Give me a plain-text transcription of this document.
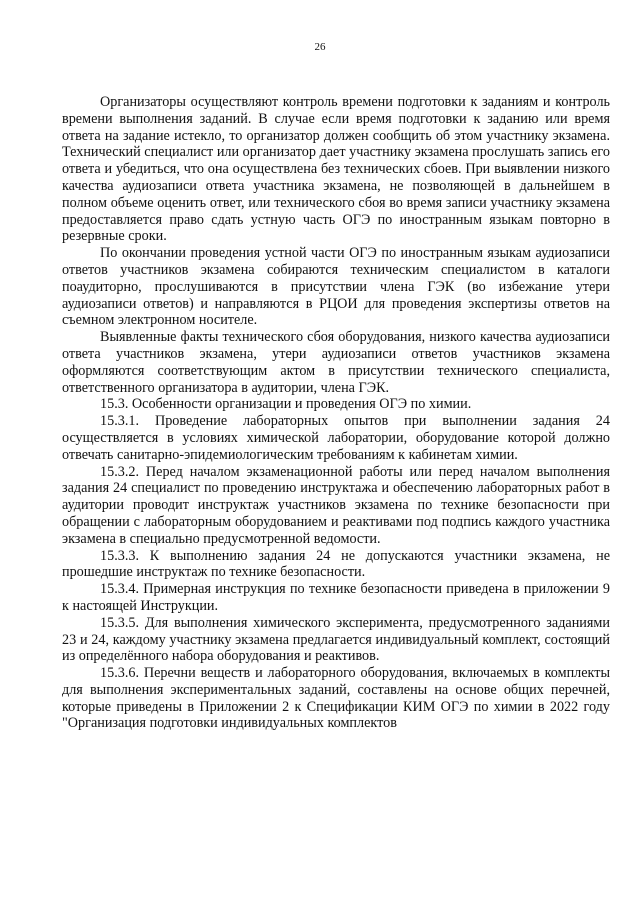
26

Организаторы осуществляют контроль времени подготовки к заданиям и контроль времени выполнения заданий. В случае если время подготовки к заданию или время ответа на задание истекло, то организатор должен сообщить об этом участнику экзамена. Технический специалист или организатор дает участнику экзамена прослушать запись его ответа и убедиться, что она осуществлена без технических сбоев. При выявлении низкого качества аудиозаписи ответа участника экзамена, не позволяющей в дальнейшем в полном объеме оценить ответ, или технического сбоя во время записи участнику экзамена предоставляется право сдать устную часть ОГЭ по иностранным языкам повторно в резервные сроки.

По окончании проведения устной части ОГЭ по иностранным языкам аудиозаписи ответов участников экзамена собираются техническим специалистом в каталоги поаудиторно, прослушиваются в присутствии члена ГЭК (во избежание утери аудиозаписи ответов) и направляются в РЦОИ для проведения экспертизы ответов на съемном электронном носителе.

Выявленные факты технического сбоя оборудования, низкого качества аудиозаписи ответа участников экзамена, утери аудиозаписи ответов участников экзамена оформляются соответствующим актом в присутствии технического специалиста, ответственного организатора в аудитории, члена ГЭК.

15.3. Особенности организации и проведения ОГЭ по химии.

15.3.1. Проведение лабораторных опытов при выполнении задания 24 осуществляется в условиях химической лаборатории, оборудование которой должно отвечать санитарно-эпидемиологическим требованиям к кабинетам химии.

15.3.2. Перед началом экзаменационной работы или перед началом выполнения задания 24 специалист по проведению инструктажа и обеспечению лабораторных работ в аудитории проводит инструктаж участников экзамена по технике безопасности при обращении с лабораторным оборудованием и реактивами под подпись каждого участника экзамена в специально предусмотренной ведомости.

15.3.3. К выполнению задания 24 не допускаются участники экзамена, не прошедшие инструктаж по технике безопасности.

15.3.4. Примерная инструкция по технике безопасности приведена в приложении 9 к настоящей Инструкции.

15.3.5. Для выполнения химического эксперимента, предусмотренного заданиями 23 и 24, каждому участнику экзамена предлагается индивидуальный комплект, состоящий из определённого набора оборудования и реактивов.

15.3.6. Перечни веществ и лабораторного оборудования, включаемых в комплекты для выполнения экспериментальных заданий, составлены на основе общих перечней, которые приведены в Приложении 2 к Спецификации КИМ ОГЭ по химии в 2022 году "Организация подготовки индивидуальных комплектов
